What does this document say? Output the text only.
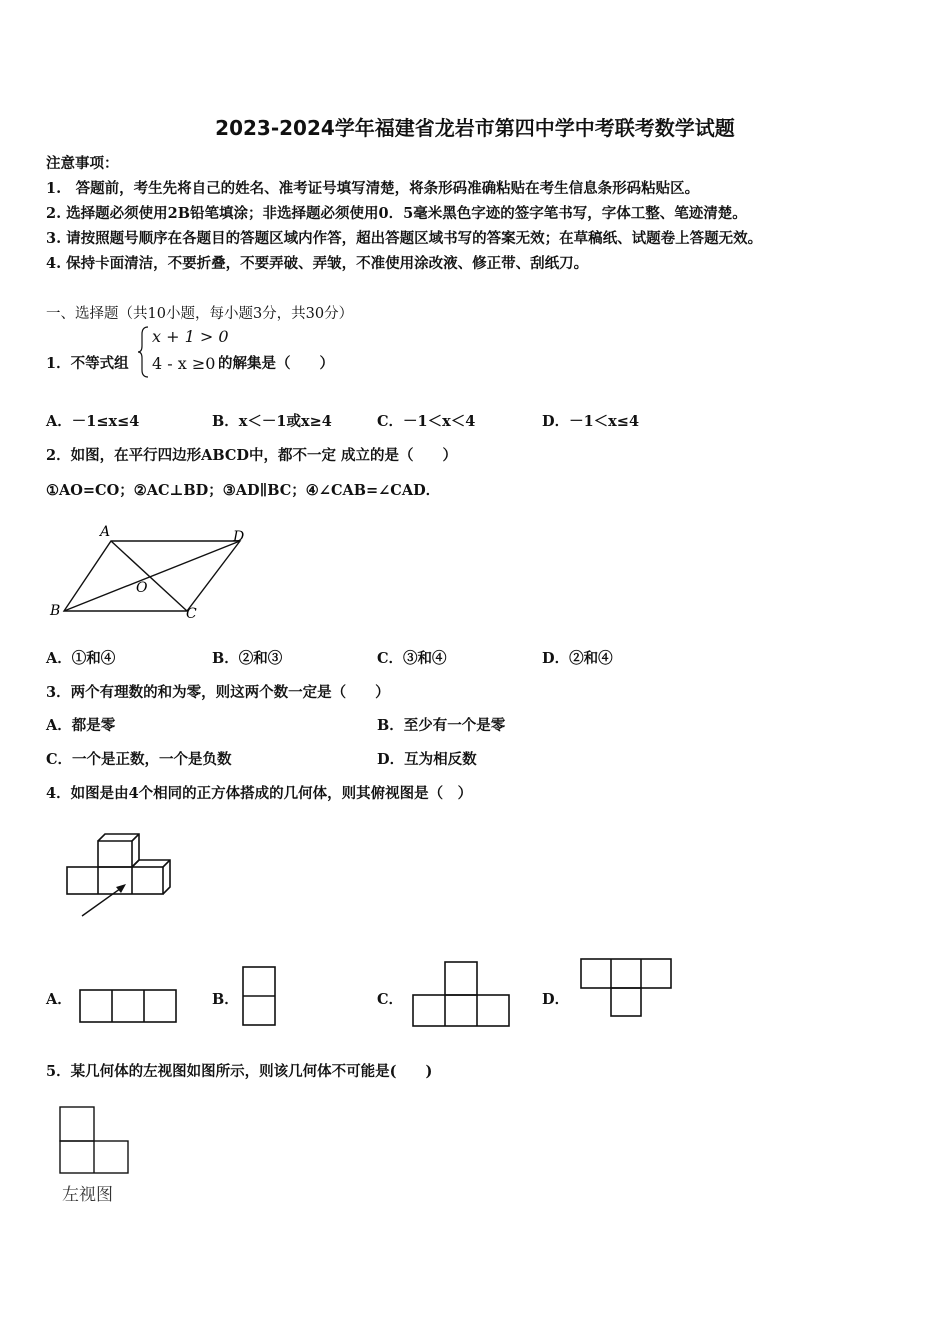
2023-2024学年福建省龙岩市第四中学中考联考数学试题
注意事项：
1.　答题前，考生先将自己的姓名、准考证号填写清楚，将条形码准确粘贴在考生信息条形码粘贴区。
2. 选择题必须使用2B铅笔填涂；非选择题必须使用0．5毫米黑色字迹的签字笔书写，字体工整、笔迹清楚。
3. 请按照题号顺序在各题目的答题区域内作答，超出答题区域书写的答案无效；在草稿纸、试题卷上答题无效。
4. 保持卡面清洁，不要折叠，不要弄破、弄皱，不准使用涂改液、修正带、刮纸刀。
一、选择题（共10小题，每小题3分，共30分）
1．不等式组
x + 1 > 0
4 - x ≥0 的解集是（　　）
A．－1≤x≤4	B．x＜－1或x≥4	C．－1＜x＜4	D．－1＜x≤4
2．如图，在平行四边形ABCD中，都不一定 成立的是（　　）
①AO=CO；②AC⊥BD；③AD∥BC；④∠CAB=∠CAD．
A	D
B	C
O
A．①和④	B．②和③	C．③和④	D．②和④
3．两个有理数的和为零，则这两个数一定是（　　）
A．都是零	B．至少有一个是零
C．一个是正数，一个是负数	D．互为相反数
4．如图是由4个相同的正方体搭成的几何体，则其俯视图是（　）
A．	B．	C．	D．
5．某几何体的左视图如图所示，则该几何体不可能是(　　)
左视图
